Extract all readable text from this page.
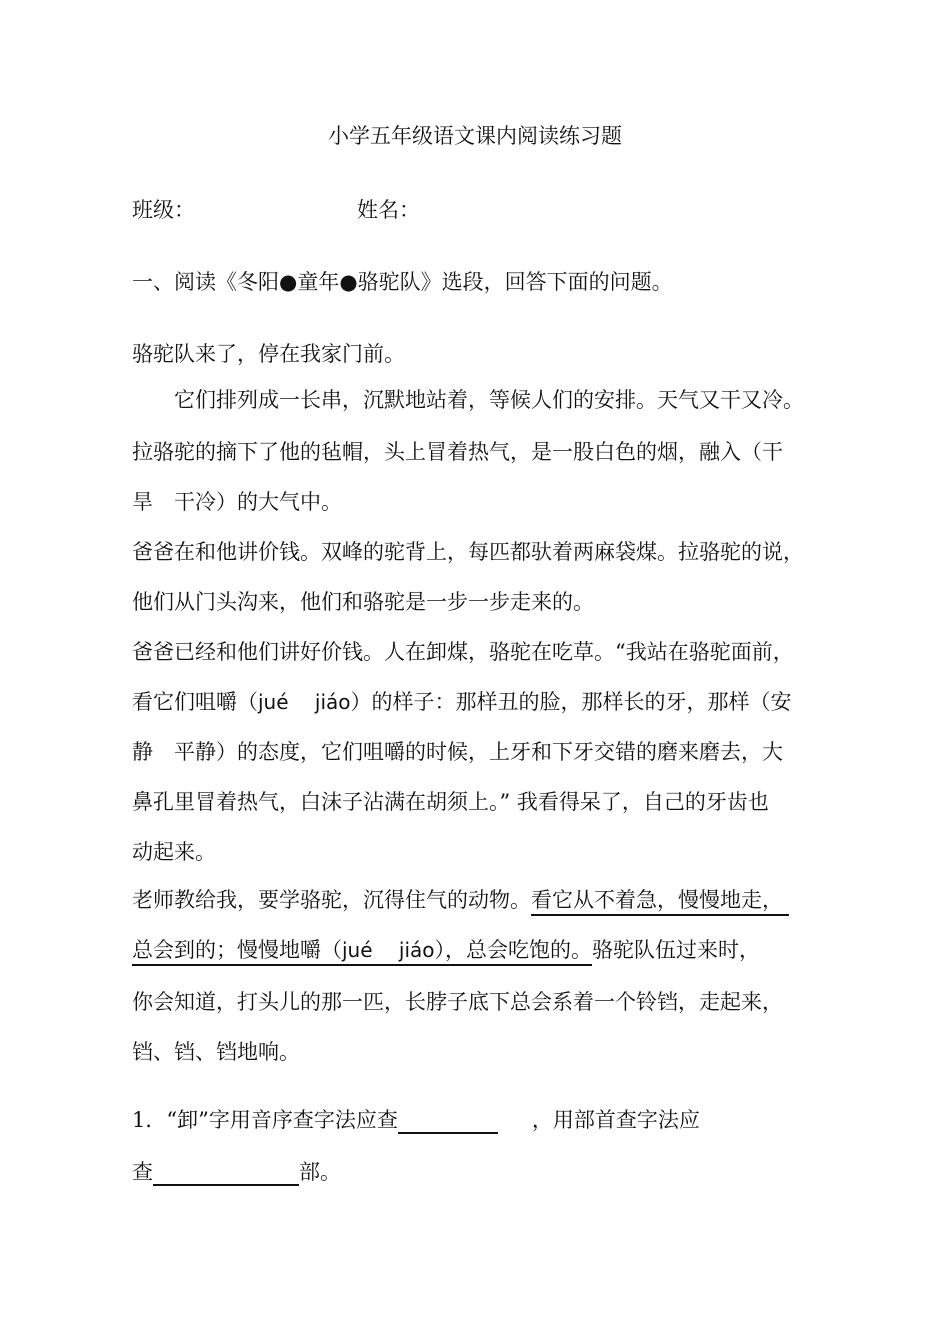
小学五年级语文课内阅读练习题
班级：	姓名：
一、阅读《冬阳●童年●骆驼队》选段，回答下面的问题。
骆驼队来了，停在我家门前。
它们排列成一长串，沉默地站着，等候人们的安排。天气又干又冷。
拉骆驼的摘下了他的毡帽，头上冒着热气，是一股白色的烟，融入（干
旱　干冷）的大气中。
爸爸在和他讲价钱。双峰的驼背上，每匹都驮着两麻袋煤。拉骆驼的说，
他们从门头沟来，他们和骆驼是一步一步走来的。
爸爸已经和他们讲好价钱。人在卸煤，骆驼在吃草。“我站在骆驼面前，
看它们咀嚼（jué　 jiáo）的样子：那样丑的脸，那样长的牙，那样（安
静　平静）的态度，它们咀嚼的时候，上牙和下牙交错的磨来磨去，大
鼻孔里冒着热气，白沫子沾满在胡须上。” 我看得呆了，自己的牙齿也
动起来。
老师教给我，要学骆驼，沉得住气的动物。看它从不着急，慢慢地走，
总会到的；慢慢地嚼（jué　 jiáo），总会吃饱的。骆驼队伍过来时，
你会知道，打头儿的那一匹，长脖子底下总会系着一个铃铛，走起来，
铛、铛、铛地响。
1．“卸”字用音序查字法应查	，用部首查字法应
查	部。
